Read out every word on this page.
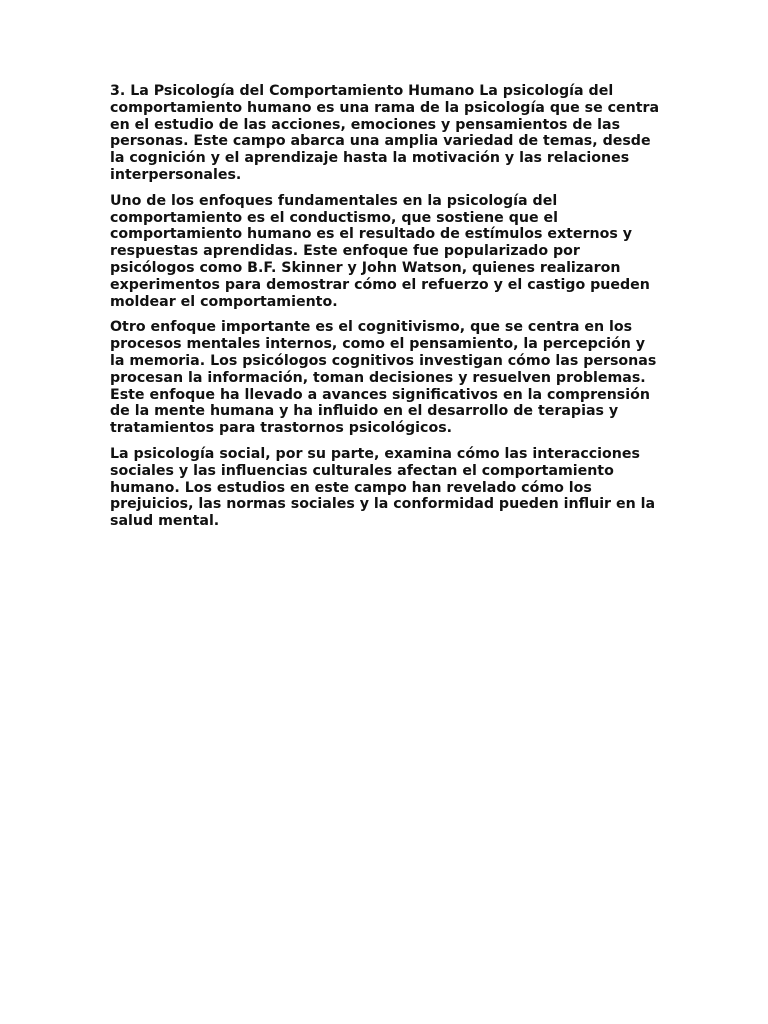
3. La Psicología del Comportamiento Humano La psicología del comportamiento humano es una rama de la psicología que se centra en el estudio de las acciones, emociones y pensamientos de las personas. Este campo abarca una amplia variedad de temas, desde la cognición y el aprendizaje hasta la motivación y las relaciones interpersonales.

Uno de los enfoques fundamentales en la psicología del comportamiento es el conductismo, que sostiene que el comportamiento humano es el resultado de estímulos externos y respuestas aprendidas. Este enfoque fue popularizado por psicólogos como B.F. Skinner y John Watson, quienes realizaron experimentos para demostrar cómo el refuerzo y el castigo pueden moldear el comportamiento.

Otro enfoque importante es el cognitivismo, que se centra en los procesos mentales internos, como el pensamiento, la percepción y la memoria. Los psicólogos cognitivos investigan cómo las personas procesan la información, toman decisiones y resuelven problemas. Este enfoque ha llevado a avances significativos en la comprensión de la mente humana y ha influido en el desarrollo de terapias y tratamientos para trastornos psicológicos.

La psicología social, por su parte, examina cómo las interacciones sociales y las influencias culturales afectan el comportamiento humano. Los estudios en este campo han revelado cómo los prejuicios, las normas sociales y la conformidad pueden influir en la salud mental.
